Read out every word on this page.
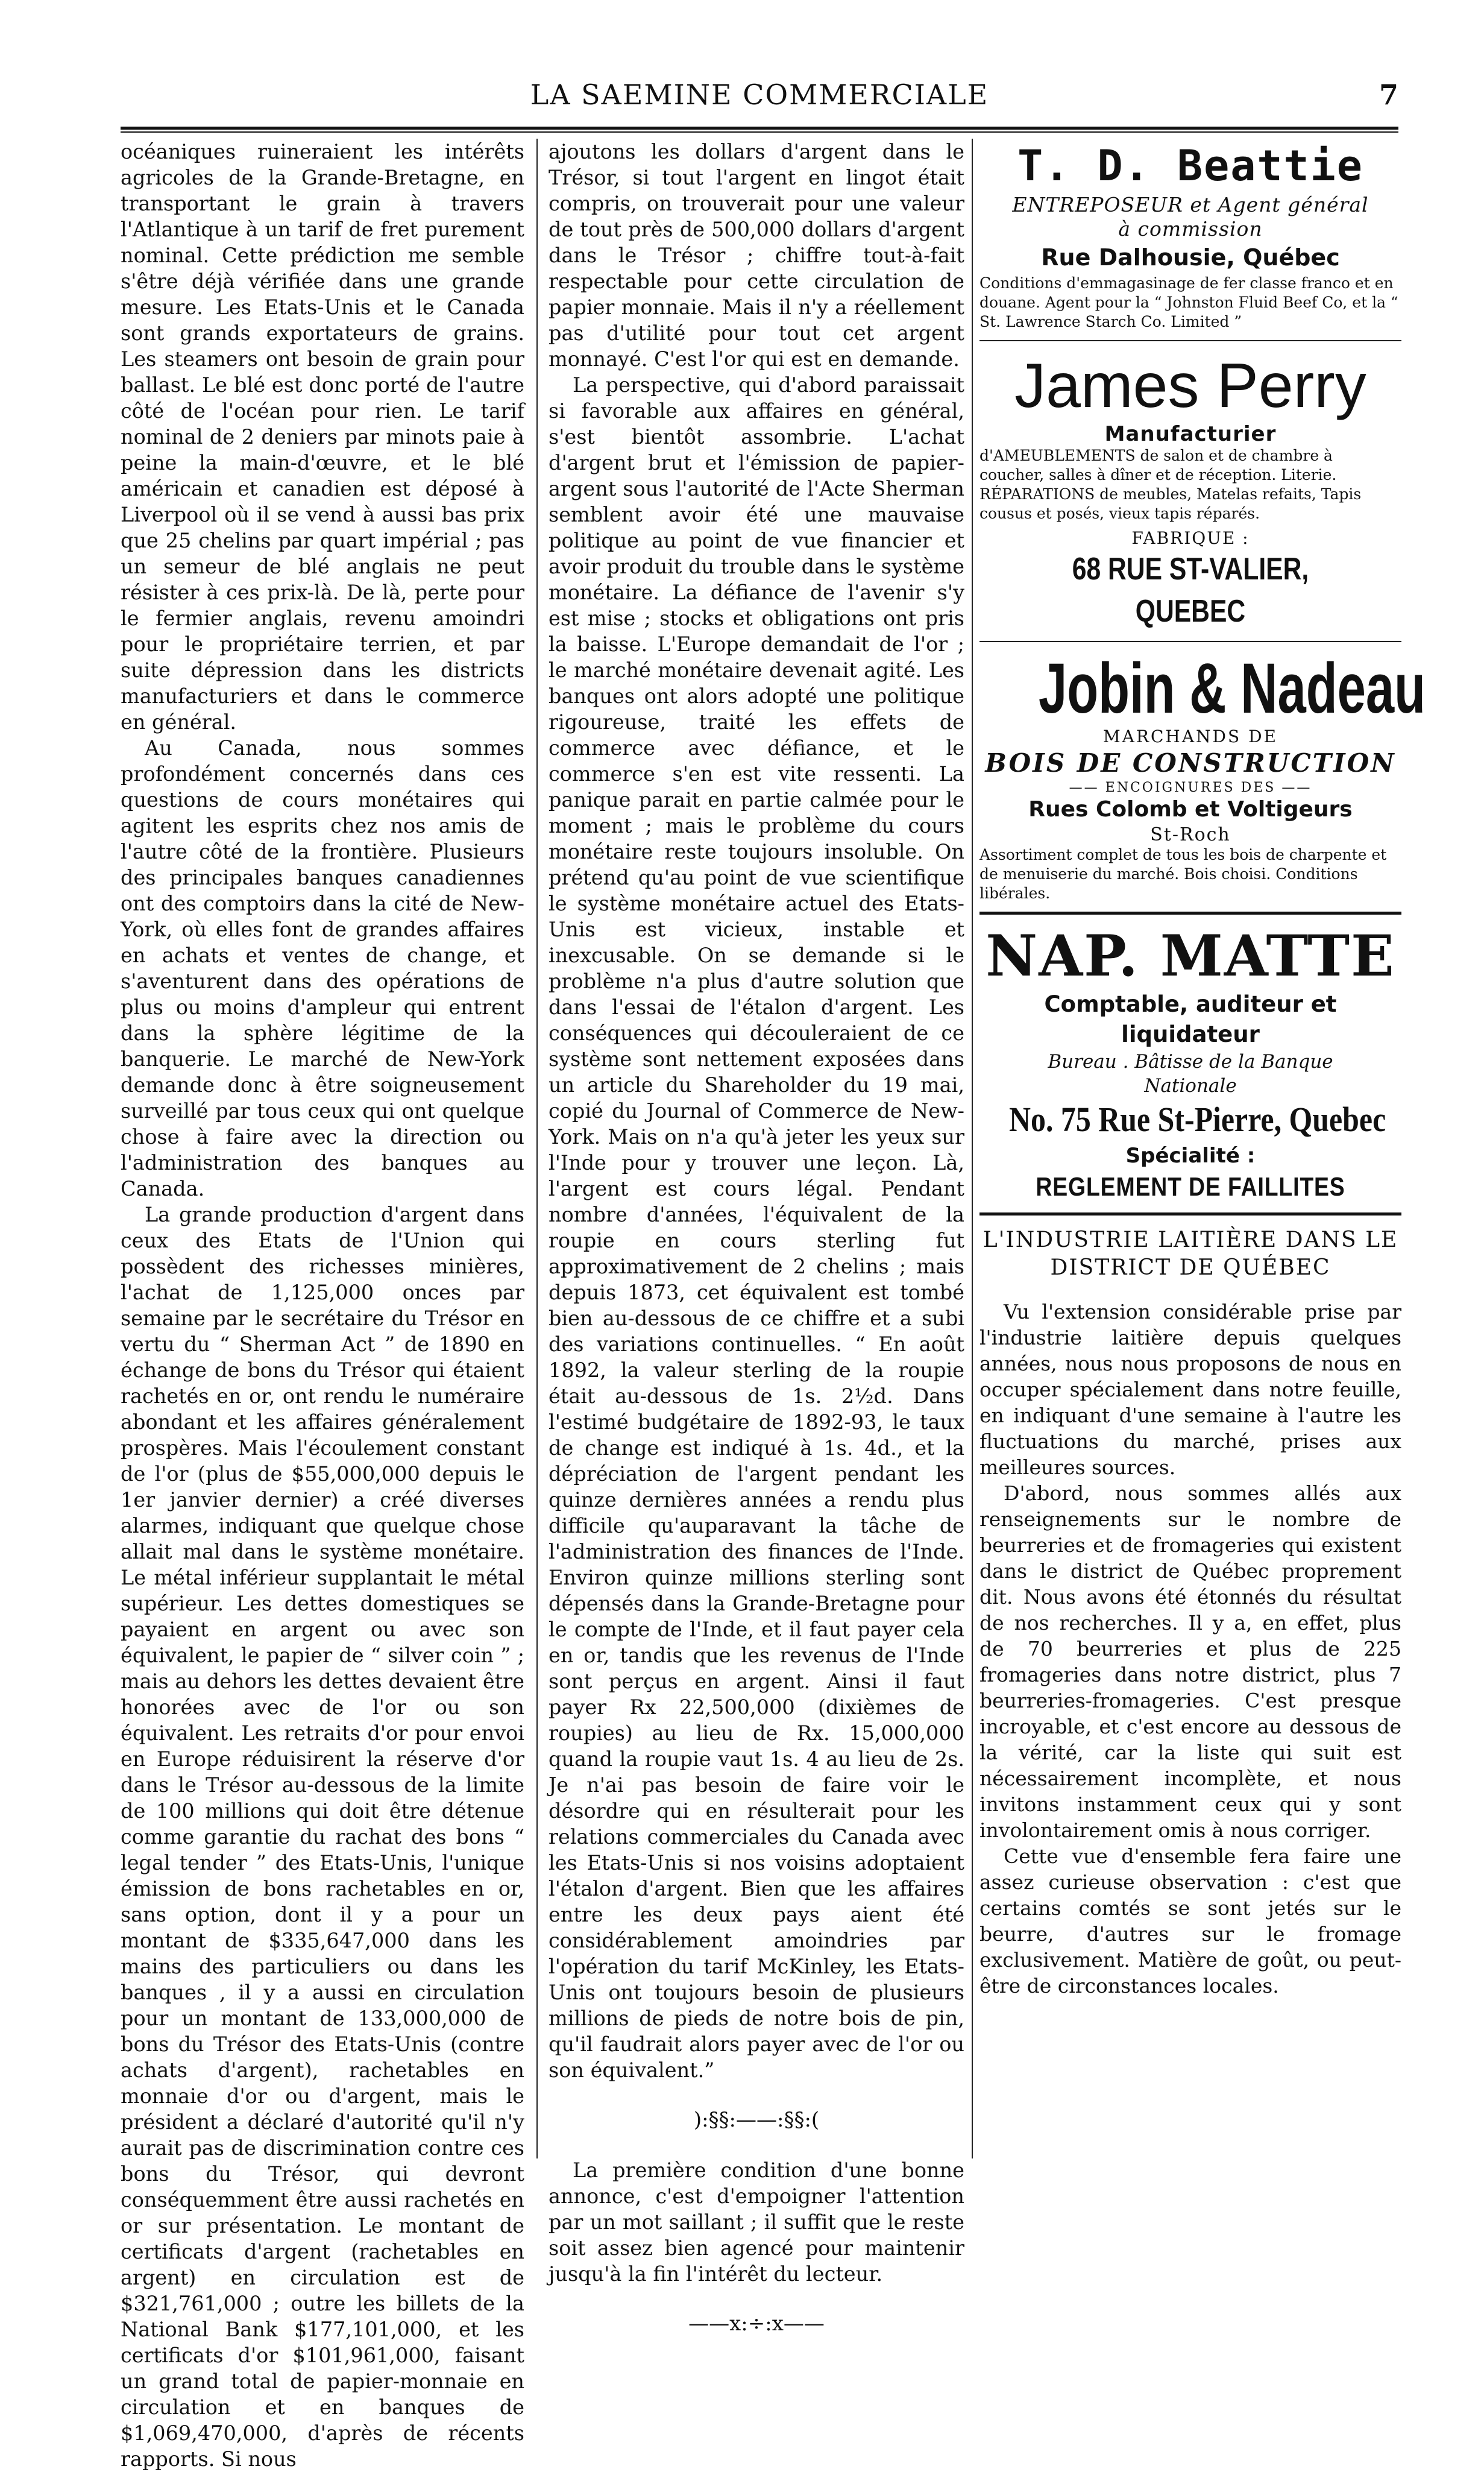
LA SAEMINE COMMERCIALE	7

océaniques ruineraient les intérêts agricoles de la Grande-Bretagne, en transportant le grain à travers l'Atlantique à un tarif de fret purement nominal. Cette prédiction me semble s'être déjà vérifiée dans une grande mesure. Les Etats-Unis et le Canada sont grands exportateurs de grains. Les steamers ont besoin de grain pour ballast. Le blé est donc porté de l'autre côté de l'océan pour rien. Le tarif nominal de 2 deniers par minots paie à peine la main-d'œuvre, et le blé américain et canadien est déposé à Liverpool où il se vend à aussi bas prix que 25 chelins par quart impérial ; pas un semeur de blé anglais ne peut résister à ces prix-là. De là, perte pour le fermier anglais, revenu amoindri pour le propriétaire terrien, et par suite dépression dans les districts manufacturiers et dans le commerce en général.

Au Canada, nous sommes profondément concernés dans ces questions de cours monétaires qui agitent les esprits chez nos amis de l'autre côté de la frontière. Plusieurs des principales banques canadiennes ont des comptoirs dans la cité de New-York, où elles font de grandes affaires en achats et ventes de change, et s'aventurent dans des opérations de plus ou moins d'ampleur qui entrent dans la sphère légitime de la banquerie. Le marché de New-York demande donc à être soigneusement surveillé par tous ceux qui ont quelque chose à faire avec la direction ou l'administration des banques au Canada.

La grande production d'argent dans ceux des Etats de l'Union qui possèdent des richesses minières, l'achat de 1,125,000 onces par semaine par le secrétaire du Trésor en vertu du “ Sherman Act ” de 1890 en échange de bons du Trésor qui étaient rachetés en or, ont rendu le numéraire abondant et les affaires généralement prospères. Mais l'écoulement constant de l'or (plus de $55,000,000 depuis le 1er janvier dernier) a créé diverses alarmes, indiquant que quelque chose allait mal dans le système monétaire. Le métal inférieur supplantait le métal supérieur. Les dettes domestiques se payaient en argent ou avec son équivalent, le papier de “ silver coin ” ; mais au dehors les dettes devaient être honorées avec de l'or ou son équivalent. Les retraits d'or pour envoi en Europe réduisirent la réserve d'or dans le Trésor au-dessous de la limite de 100 millions qui doit être détenue comme garantie du rachat des bons “ legal tender ” des Etats-Unis, l'unique émission de bons rachetables en or, sans option, dont il y a pour un montant de $335,647,000 dans les mains des particuliers ou dans les banques , il y a aussi en circulation pour un montant de 133,000,000 de bons du Trésor des Etats-Unis (contre achats d'argent), rachetables en monnaie d'or ou d'argent, mais le président a déclaré d'autorité qu'il n'y aurait pas de discrimination contre ces bons du Trésor, qui devront conséquemment être aussi rachetés en or sur présentation. Le montant de certificats d'argent (rachetables en argent) en circulation est de $321,761,000 ; outre les billets de la National Bank $177,101,000, et les certificats d'or $101,961,000, faisant un grand total de papier-monnaie en circulation et en banques de $1,069,470,000, d'après de récents rapports. Si nous

ajoutons les dollars d'argent dans le Trésor, si tout l'argent en lingot était compris, on trouverait pour une valeur de tout près de 500,000 dollars d'argent dans le Trésor ; chiffre tout-à-fait respectable pour cette circulation de papier monnaie. Mais il n'y a réellement pas d'utilité pour tout cet argent monnayé. C'est l'or qui est en demande.

La perspective, qui d'abord paraissait si favorable aux affaires en général, s'est bientôt assombrie. L'achat d'argent brut et l'émission de papier-argent sous l'autorité de l'Acte Sherman semblent avoir été une mauvaise politique au point de vue financier et avoir produit du trouble dans le système monétaire. La défiance de l'avenir s'y est mise ; stocks et obligations ont pris la baisse. L'Europe demandait de l'or ; le marché monétaire devenait agité. Les banques ont alors adopté une politique rigoureuse, traité les effets de commerce avec défiance, et le commerce s'en est vite ressenti. La panique parait en partie calmée pour le moment ; mais le problème du cours monétaire reste toujours insoluble. On prétend qu'au point de vue scientifique le système monétaire actuel des Etats-Unis est vicieux, instable et inexcusable. On se demande si le problème n'a plus d'autre solution que dans l'essai de l'étalon d'argent. Les conséquences qui découleraient de ce système sont nettement exposées dans un article du Shareholder du 19 mai, copié du Journal of Commerce de New-York. Mais on n'a qu'à jeter les yeux sur l'Inde pour y trouver une leçon. Là, l'argent est cours légal. Pendant nombre d'années, l'équivalent de la roupie en cours sterling fut approximativement de 2 chelins ; mais depuis 1873, cet équivalent est tombé bien au-dessous de ce chiffre et a subi des variations continuelles. “ En août 1892, la valeur sterling de la roupie était au-dessous de 1s. 2½d. Dans l'estimé budgétaire de 1892-93, le taux de change est indiqué à 1s. 4d., et la dépréciation de l'argent pendant les quinze dernières années a rendu plus difficile qu'auparavant la tâche de l'administration des finances de l'Inde. Environ quinze millions sterling sont dépensés dans la Grande-Bretagne pour le compte de l'Inde, et il faut payer cela en or, tandis que les revenus de l'Inde sont perçus en argent. Ainsi il faut payer Rx 22,500,000 (dixièmes de roupies) au lieu de Rx. 15,000,000 quand la roupie vaut 1s. 4 au lieu de 2s. Je n'ai pas besoin de faire voir le désordre qui en résulterait pour les relations commerciales du Canada avec les Etats-Unis si nos voisins adoptaient l'étalon d'argent. Bien que les affaires entre les deux pays aient été considérablement amoindries par l'opération du tarif McKinley, les Etats-Unis ont toujours besoin de plusieurs millions de pieds de notre bois de pin, qu'il faudrait alors payer avec de l'or ou son équivalent.”

):§§:——:§§:(

La première condition d'une bonne annonce, c'est d'empoigner l'attention par un mot saillant ; il suffit que le reste soit assez bien agencé pour maintenir jusqu'à la fin l'intérêt du lecteur.

——x:÷:x——
T. D. Beattie
ENTREPOSEUR et Agent général
à commission
Rue Dalhousie, Québec
Conditions d'emmagasinage de fer classe franco et en douane. Agent pour la “ Johnston Fluid Beef Co, et la “ St. Lawrence Starch Co. Limited ”
James Perry
Manufacturier
d'AMEUBLEMENTS de salon et de chambre à coucher, salles à dîner et de réception. Literie. RÉPARATIONS de meubles, Matelas refaits, Tapis cousus et posés, vieux tapis réparés.
FABRIQUE :
68 RUE ST-VALIER, QUEBEC
Jobin & Nadeau
MARCHANDS DE
BOIS DE CONSTRUCTION
—— ENCOIGNURES DES ——
Rues Colomb et Voltigeurs
St-Roch
Assortiment complet de tous les bois de charpente et de menuiserie du marché. Bois choisi. Conditions libérales.
NAP. MATTE
Comptable, auditeur et liquidateur
Bureau . Bâtisse de la Banque
Nationale
No. 75 Rue St-Pierre, Quebec
Spécialité :
REGLEMENT DE FAILLITES
L'INDUSTRIE LAITIÈRE DANS LE DISTRICT DE QUÉBEC

Vu l'extension considérable prise par l'industrie laitière depuis quelques années, nous nous proposons de nous en occuper spécialement dans notre feuille, en indiquant d'une semaine à l'autre les fluctuations du marché, prises aux meilleures sources.

D'abord, nous sommes allés aux renseignements sur le nombre de beurreries et de fromageries qui existent dans le district de Québec proprement dit. Nous avons été étonnés du résultat de nos recherches. Il y a, en effet, plus de 70 beurreries et plus de 225 fromageries dans notre district, plus 7 beurreries-fromageries. C'est presque incroyable, et c'est encore au dessous de la vérité, car la liste qui suit est nécessairement incomplète, et nous invitons instamment ceux qui y sont involontairement omis à nous corriger.

Cette vue d'ensemble fera faire une assez curieuse observation : c'est que certains comtés se sont jetés sur le beurre, d'autres sur le fromage exclusivement. Matière de goût, ou peut-être de circonstances locales.
